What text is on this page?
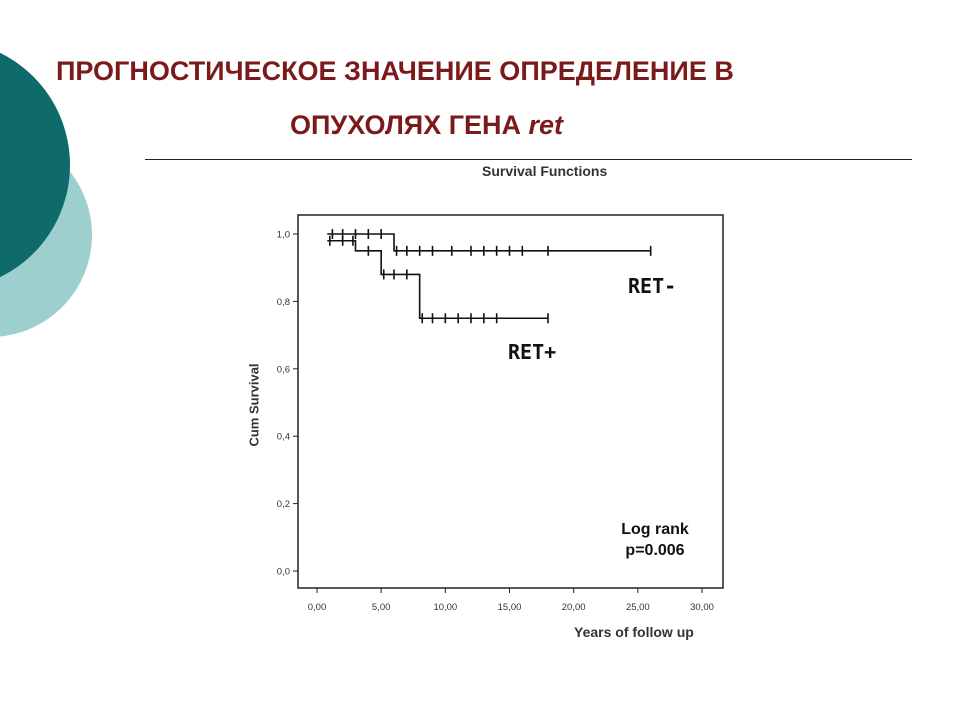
ПРОГНОСТИЧЕСКОЕ ЗНАЧЕНИЕ ОПРЕДЕЛЕНИЕ В
ОПУХОЛЯХ ГЕНА ret
Survival Functions
0,0
0,2
0,4
0,6
0,8
1,0
0,00	5,00	10,00	15,00	20,00	25,00	30,00
Cum Survival
Years of follow up
RET-
RET+
Log rank
p=0.006
